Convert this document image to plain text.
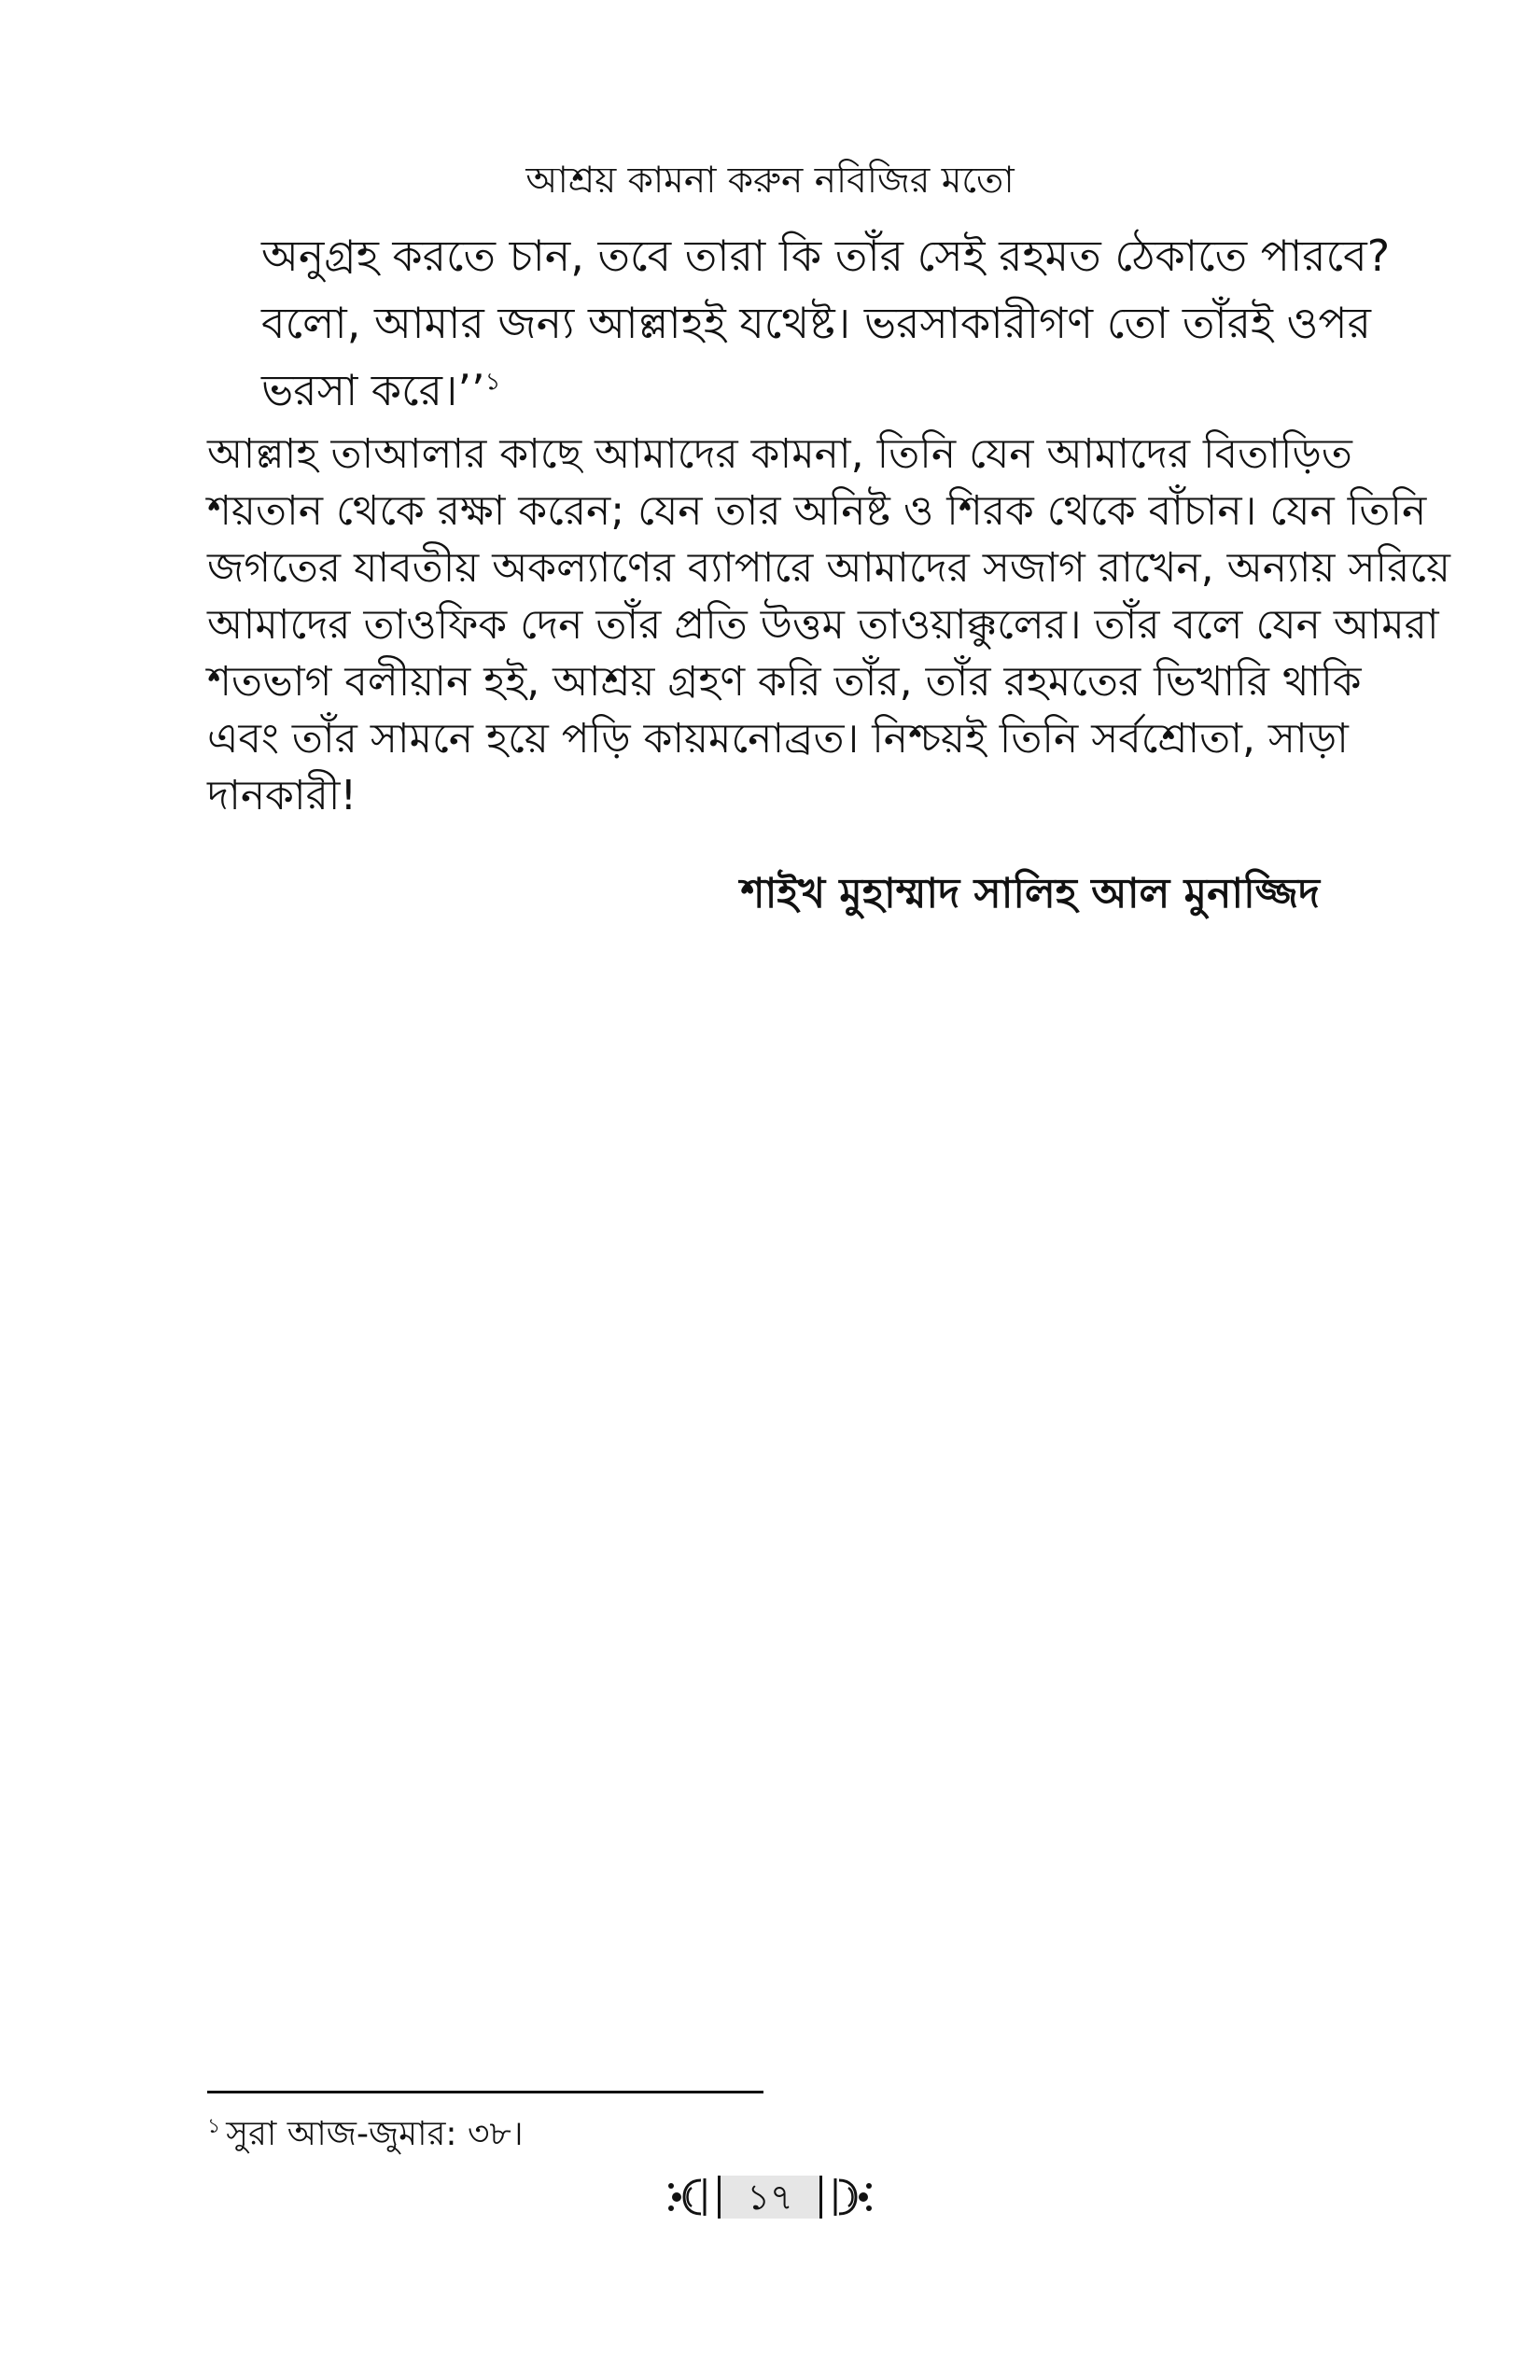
আশ্রয় কামনা করুন নবিজির মতো
অনুগ্রহ করতে চান, তবে তারা কি তাঁর সেই রহমত ঠেকাতে পারবে?
বলো, আমার জন্য আল্লাহই যথেষ্ট। ভরসাকারীগণ তো তাঁরই ওপর
ভরসা করে।’’$^১$
আল্লাহ তাআলার কাছে আমাদের কামনা, তিনি যেন আমাদের বিতাড়িত
শয়তান থেকে রক্ষা করেন; যেন তার অনিষ্ট ও শিরক থেকে বাঁচান। যেন তিনি
জগতের যাবতীয় অকল্যাণের ব্যাপারে আমাদের সজাগ রাখেন, অন্যায় সরিয়ে
আমাদের তাওফিক দেন তাঁর প্রতি উত্তম তাওয়াক্কুলের। তাঁর বলে যেন আমরা
শতভাগ বলীয়ান হই, আশ্রয় গ্রহণ করি তাঁর, তাঁর রহমতের ভিখারি থাকি
এবং তাঁর সামনে হয়ে পড়ি কায়মনোব্রত। নিশ্চয়ই তিনি সর্বশ্রোতা, সাড়া
দানকারী!
শাইখ মুহাম্মাদ সালিহ আল মুনাজ্জিদ
$^১$ সুরা আজ-জুমার: ৩৮।
১৭
